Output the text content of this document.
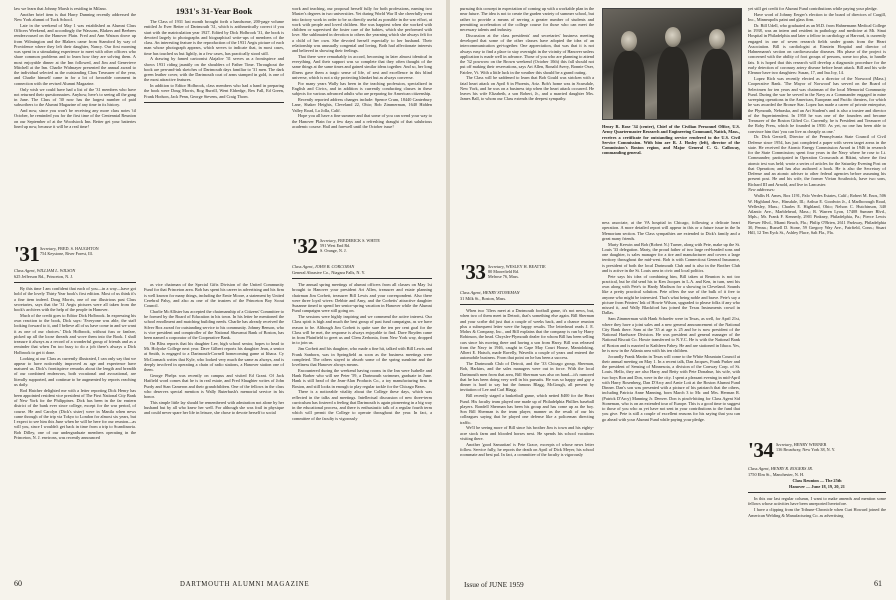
law we learn that Johnny Marsh is residing in Milano.

Another brief item is that Harry Dunning recently addressed the New York alumni of Tuck School.

Late in the weekend of May 1 was established as Alumni Class Officers Weekend, and accordingly the Wassons, Blakers and Beebees rendezvoused on the Hanover Plain. Fred and Ann Watson drove up from Wilmington and the Blakers came from Stamford by way of Providence where they left their daughter, Nancy. Our first morning was spent in a stimulating experience to meet with other officers who share common problems and to learn how they are solving them. A most enjoyable dinner at the Inn followed, and Jim and Genevieve Mitchell at the Inn. Charlie Widmayer presented the annual award to the individual selected as the outstanding Class Treasurer of the year, and Charlie himself came in for a lot of favorable comment in connection with the revised Alumni Magazine.

Only wish we could have had a list of the '31 members who have not returned their questionnaires. Anyhow, here's to seeing all the gang in June. The Class of '30 now has the largest number of paid subscribers to the Alumni Magazine of any time in its history.

And now, since you won't be receiving any more class notes 'til October, be reminded you for the first time of the Centennial Reunion on our September of at the Woodstock Inn. Better get your batteries lined up now, because it will be a real time!

'31 Secretary, FRED. S. HAUGHTON
754 Keystone, River Forest, Ill.

Class Agent, WILLIAM L. WILSON

625 Jefferson Rd., Princeton, N. J.

By this time I am confident that each of you—in a way—have got hold of the lovely Thirty Year book's first edition. Most of us think it's a fine item indeed. Doug Morris, one of our illustrious past Class secretaries, says that the '31 Aegis pictures were all taken from the book's archives with the help of the people in Hanover.

Much of the credit goes to Editor Dick Holbrook. In expressing his own reaction to the book, Dick says: 'Everyone was able, the staff looking forward to it, and I believe all of us have come in and we want it as one of our choices.' Dick Holbrook, without fuss or fanfare, picked up all the loose threads and wove them into the Book. I shall treasure it always as a record of a wonderful group of friends and as a reminder that when I'm too busy to do a job there's always a Dick Holbrook to get it done.

Looking at our Class as currently illustrated, I can only say that we appear to have noticeably improved as age and experience have matured us. Dick's frontispiece remarks about the length and breadth of our combined endeavors, both vocational and avocational, are literally supported, and continue to be augmented by reports reaching us daily.

Rod Hatcher delighted me with a letter reporting Dick Henry has been appointed resident vice president of The First National City Bank of New York for the Philippines. Dick has been in the far eastern district of the bank ever since college, except for the war period, of course. He and Carolyn (Dick's sister) were in Manila when news came through of the trip via Tokyo to London for almost six years, but I expect to see him this June when he will be here for our reunion—as will you, since I wouldn't get back in time from a trip to Scandinavia. Bob Dilley, one of our undergraduate members operating in the Princeton, N. J. environs, was recently announced

1931's 31-Year Book

The Class of 1931 last month brought forth a handsome, 200-page volume entitled Jo Ever Better of Dartmouth '31, which is arithmetically correct if you start with the matriculation year 1927. Edited by Dick Holbrook '31, the book is devoted largely to photographs and biographical write-ups of members of the class. An interesting feature is the reproduction of the 1931 Aegis picture of each man whose photograph appears, which serves to indicate that, in most cases, time has touched us but lightly, in a few cases, has practically stood still.

A drawing by famed cartoonist Alajalov '31 serves as a frontispiece and shows 1931 riding jauntily on the shoulders of Father Time. Throughout the book are pen-and-ink sketches of Dartmouth days familiar to '31 men. The dark green leather cover, with the Dartmouth coat of arms stamped in gold, is one of the most attractive features.

In addition to Editor Holbrook, class members who had a hand in preparing the book were Doug Morris, Rog Burrill, Went Eldredge, Rex Fall, Ed Green, Frank Hodson, Jack Penn, George Stevens, and Craig Thorn.

as vice chairman of the Special Gifts Division of the United Community Fund for that Princeton area. Bob has spent his career in advertising and his firm is well known for many things, including the Ernie Moore, a statement by United Cerebral Palsy, and also as one of the trustees of the Princeton Boy Scout Council.

Charlie McAllister has accepted the chairmanship of a Citizens' Committee to be formed by the Board of Education in his town. In his letter he mentioned the school enrollment and matching building needs. Charlie has already received the Silver Box award for outstanding service to his community. Johnny Benson, who is vice president and comptroller of the National Shawmut Bank of Boston, has been named a corporator of the Cooperative Bank.

On Bliss reports that his daughter Lee, high school senior, hopes to head to Mt. Holyoke College next year. Dave Gilbert reports his daughter Jean, a senior at Smith, is engaged to a Dartmouth-Cornell homecoming game at Ithaca. Cy McCormack writes that Kyle, who looked very much the same as always, and is deeply involved in operating a chain of radio stations, a Hanover station one of them.

George Phelps was recently on campus and visited Ed Grant. Of Jack Hatfield word comes that he is in real estate, and Fred Slaughter writes of John Purdy and Stan Cameron and their grandchildren. One of the fellows in the class who deserves special mention is Wally Ruterbush's memorial service in his honor.

This simple little lay should be remembered with admiration not alone by her husband but by all who knew her well. For although she was frail in physique and could never spare her life in leisure, she chose to devote herself to social

work and teaching, our proposal herself fully for both professions, earning two Master's degrees in two universities. Yet during World War II she cheerfully went into factory work in order to be as directly useful as possible in the war effort, at work with people and loved children. She was happiest when she worked with children or supervised the foster care of the babies, which she performed with love. She sublimated in devotion to others the yearning which she always felt for a child of her own. She devoted herself especially to her husband. Their relationship was unusually congenial and loving. Both had affectionate interests and believed in showing their feelings.

That there were remarkably in accord, becoming in later almost identical in everything. And their support was so complete that they often thought of the same things at the same times and gained similar ideas together. And so, her long illness gave them a tragic sense of life, of zest and excellence in this blind universe, which is not a sky protecting blanket but as always converse.

For many years Wally has been in the teaching profession, specialized in English and Civics, and in addition is currently conducting classes in these subjects for various advanced adults who are preparing for American citizenship.

Recently reported address changes include: Spence Crum, 18440 Canterbury Lane, Shaker Heights, Cleveland 22, Ohio; Bob Zimmerman, 1640 Hidden Valley Road, La Jolla, Calif.

Hope you all have a fine summer and that some of you can wend your way to the Hanover Plain for a few days and a refreshing draught of that salubrious academic course. Hail and farewell until the October issue!

'32 Secretary, FREDERICK S. WHITE
591 West End Rd.
S. Orange, N. J.

Class Agent, JOHN B. CORCORAN

General Abrasive Co., Niagara Falls, N. Y.

The annual spring meetings of alumni officers from all classes on May 1st brought to Hanover your president Art Allen, treasurer and estate planning chairman Jim Corbett, treasurer Bill Lewis and your correspondent. Also there were three loyal wives: Debbie and Amy, and the Corbetts' attractive daughter Suzanne timed to spend her senior-spring vacation in Hanover while the Alumni Fund campaigns were still going on.

The sessions were highly inspiring and we commend the active interest. Our Class spirit is high and much the best group of past fund campaigns, as we have reason to be. Although Jim Corbett is quite sure the ten per cent goal for the Class will be met, the response is always enjoyable to find. Dave Boyden came in from Plainfield to greet us and Clem Zerbonia, from New York way, dropped in to join us.

Jim Corbett and his daughter, who made a fine hit, talked with Bill Lewis and Frank Sanborn, was in Springfield as soon as the business meetings were completed. The others stayed to absorb some of the spring sunshine and the loveliness that Hanover always means.

Encountered during the weekend having rooms in the Inn were Isabelle and Hank Barber who will see Peter '59, a Dartmouth swimmer, graduate in June. Hank is still head of the Jean-Alan Products Co., a toy manufacturing firm in Boston, and still looks in enough to play regular tackle for the Chicago Bears.

There is a noticeable vitality about the College these days, which was reflected in the talks and meetings. Intellectual discussion of new three-term curriculum has fostered a feeling that Dartmouth is again pioneering in a big way in the educational process, and there is enthusiastic talk of a regular fourth term which will permit the College to operate throughout the year. In fact, a committee of the faculty is vigorously

60	DARTMOUTH ALUMNI MAGAZINE

pursuing this concept in expectation of coming up with a workable plan in the near future. The idea is not to create the garden variety of summer school, but rather to provide a means of serving a greater number of students and permitting acceleration of the college course for those who can meet the necessary talents and industry.

Discussion at the class presidents' and secretaries' business meeting developed that some of the other classes have adopted the idea of an intercommunication get-together. One appreciation, that was that it is not always easy to find a place to stay overnight in the vicinity of Hanover unless application is made well in advance. Those of you who are planning to attend the '32 powwow on the Brown weekend (October 10th) this fall should not put off making their reservations, says Art Allen, Ronald Avery, Bonnie Oxer, Fairlee, Vt. With a little luck in the weather this should be a grand outing.

The Class will be saddened to learn that Bob Gould was stricken with a fatal heart attack on April 6 in Phoenix, Ariz. Bob's home was in Scarsdale, New York, and he was on a business trip when the heart attack occurred. He leaves his wife Elizabeth, a son Robert, Jr., and a married daughter Mrs. James Ball, to whom our Class extends the deepest sympathy.

Henry R. Rose '34 (center), Chief of the Civilian Personnel Office, U.S. Army Quartermaster Research and Engineering Command, Natick, Mass., receives a certificate for outstanding service rendered to the U.S. Civil Service Commission. With him are R. J. Hosley (left), director of the Commission's Boston region, and Major General C. G. Calloway, commanding general.

'33 Secretary, WESLEY H. BEATTIE
80 Moorefield Rd.
Melrose 76, Mass.

Class Agent, HENRY STONEMAN

31 Milk St., Boston, Mass.

When two '33ers meet at a Dartmouth football game, it's not news, but, when two of them meet in Detroit, that's something else again. Bill Sherman and your scribe did just that a couple of weeks back, and a chance reunion plus a subsequent letter were the happy results. The letterhead reads J. E. Mohrs & Company, Inc., and Bill explains that the company is run by Harry Robinson, the head. Chrysler-Plymouth dealer for whom Bill has been selling cars since his moving there and having a son from Harry. Bill was released from the Navy in 1946, caught in Cape May Court House, Mantoloking, Albert E. Hatsch, made Ravelly, Wavedis a couple of years and entered the automobile business. From that point on he has been a success.

The Dartmouth Club of Detroit, and the '33 Chicago group, Sherman, Bob, Harkins, and the sales managers were out in force. With the local Dartmouth men from that area, Bill Sherman was also on hand—it's rumored that he has been doing very well in his pursuits. He was so happy and gay a dinner is hard to say but the famous Blagg, McGough, all present by invitation of Lee and Carl Blagg.

Bill recently staged a basketball game, which netted $400 for the Heart Fund. His faculty team played one made up of Philadelphia Phillies baseball players. Rondell Sherman has been his group and has come up as the boy. Son Bill Sherman is the team player, manner as the result of our his colleagues saying that he played one defense like a policeman directing traffic.

We'll be seeing more of Bill since his brother Jim is town and his eighty-acre stock farm and blooded horses next. He spends his school vacations visiting there.

Another 'good Samaritan' is Pete Grace, excerpts of whose news letter follow. Service fully, he reports the death on April of Dick Meyer, his school roommate and best pal. In fact, a committee of the faculty is vigorously

ness associate, at the VA hospital in Chicago, following a delicate heart operation. A more detailed report will appear in this or a future issue in the In Memoriam section. The Class sympathies are extended to Dick's family and a great many friends.

Marty Kerwin and Bob (Robert N.) Turner, along with Pete, make up the St. Louis '33 delegation. Marty, the proud father of two large red-headed sons and one daughter, is sales manager for a tire and manufacturer and covers a large territory throughout the mid-west. Bob is with Connecticut General Insurance, is president of both the local Dartmouth Club and is also in the Brother Club and is active in the St. Louis area in civic and local politics.

Pete says his idea of combining him, Bill taken at Reunion is not too practical, but he did send his to Ken Jacques in L.A. and Ken, in turn, sent his own along with Pete's to Hardy Madison for a showing in Cleveland. Sounds like a pretty practical solution. Pete offers the use of the bulk of it free to anyone who might be interested. That's what being noble and brave. Pete's say a picture from Printers' Ink of Howie Wilson, upgraded to please folks if any who missed it, and Wally Blackford has joined the Texas Instruments crowd in Dallas.

Sam Zimmerman with Hank Schaefer were in Texas, as well, for April 21st, where they have a joint sales and a new general announcement of the National City Bank there. Sam at the '35 at age is 25 and he is now president of the National Hardware Division. He was president and general manager of the National Biscuit Co. Howie transferred to N.Y.C. He is with the National Bank of Boston and is married to Kathleen Fahey. He and are stationed in Ithaca. Yes, he is now in the Atlanta area with his ten children.

Jocundly Frank Martin in Texas will come to the White Mountain Council at their annual meeting on May 1. In a recent talk, Dan Jacques, Frank Parker and the president of Sensing of Minnesota, a division of the Conway Corp. of St. Louis. Hello, they are also Harry and Betty with Pete Donahue, his wife, with two boys Ron and Don, were in the city. I spent a pleasant evening in mid-April with Harry Rosenberg, Dan D'Arcy and Arnie Lott at the Boston Alumni Fund Dinner. Dan's son was presented with a picture of his patriarch that the others, including Patricia Anne Manning, born March 3 to Mr. and Mrs. Herman R. (Patrick D'Arcy) Manning Jr. Denver. Don is pinch-hitting for Class Agent Sid Stoneman, who is on an extended tour of Europe. This is a good time to suggest to those of you who as yet have not sent in your contributions to the fund that you give. Pete is still a couple of excellent reasons for his saying that you can go ahead with your Alumni Fund while paying your pledge.

yet still get credit for Alumni Fund contributions while paying your pledge.

Have word of Johnny Eerger's election to the board of directors of Cargill, Inc., Minneapolis paint and glass firm.

Dr. Bill Udell, who graduated as an M.D. from Hahnemann Medical College in 1938, was an intern and resident in pathology and medicine at Mt. Sinai Hospital in Philadelphia and later a fellow in cardiology at Harvard, is currently engaged in one of seven research fields under grants from the Heart Association. Bill is cardiologist at Einstein Hospital and director of Hahnemann's section on cardiovascular diseases. His phase of the project is concerned with the ability of foot groups of persons, some too plus, to handle fats. It is hoped that this research will develop a diagnostic procedure for the early detection of coronary artery disease before heart attack. Bill and his wife Eleanor have two daughters: Susan, 17, and Ina Joy, 14.

Lopez Rich was recently elected as a director of the Norwood (Mass.) Cooperative Bank. 'The Mayor of Norwood' has served on the Board of Selectmen for ten years and was chairman of the local Memorial Community Fund. During the war he served in the Navy as a Commander engaged in mine sweeping operations in the American, European and Pacific theaters, for which he was awarded the Bronze Star. Lopez has made a career of private enterprise, the Plymouth, Nebraska, and an Art Student's and is also a trustee and director of the Superintendent. In 1950 he was one of the founders and became Treasurer of the Boston Gifted Co. Currently, he is President and Treasurer of the Roby Press, which he founded in 1950. As yet, no one has been able to convince him that 'you can live as cheaply as one.'

Dr. Dick Gerstell, Director of the Pennsylvania State Council of Civil Defense since 1954, has just completed a paper with seven target areas in the state. He received the Atomic Energy Commission Award in 1946 in research for the State Commission; spent four years in the Navy where he rose to Lt. Commander; participated in Operation Crossroads at Bikini, where the first atomic test was held; wrote a series of articles for the Saturday Evening Post on that Operation; and has also authored a book. He is also the Secretary of Defense and an atomic adviser to other federal agencies before assuming his present post. He and his wife, the former Vivian Southwick, have two sons, Richard III and Arnold, and live in Lancaster.

New addresses:

Wallis H. Ames, Box 1191, Palo Verdes Estates, Calif.; Robert M. Enos, 506 W. Highland Ave., Hinsdale, Ill.; Arthur E. Goodwin Jr., 4 Marlborough Road, Wellesley, Mass.; Charles E. Highland, Ohio; Nelson C. Hutchinson, 340 Atlantic Ave., Marblehead, Mass.; R. Warren Lyon, 17408 Sumner Blvd., Mpls.; Mr. Frank F. Kennedy, 2901 Pinkney, Philadelphia, Pa.; Pierce Lewis Brewer Blvd., Miami Beach, Fla.; Philip O'Brien, 2611 Parkway, Philadelphia 30, Penna.; Russell D. Stone, 59 Gregory Way Ave., Fairfield, Conn.; Stuart Hill, 12 Ten Eyck St., Ashley Place, Salt Fla., Fla.

'34 Secretary, HENRY WERNER
136 Broadway, New York 38, N. Y.

Class Agent, HENRY R. ROGERS JR.

1750 Elm St., Manchester, N. H.

Class Reunion — The 25th

Hanover — June 18, 19, 20, 21

In this our last regular column, I want to make amends and mention some fellows whose activities have been unreported heretofore.

I have a clipping from the Tribune-Chronicle when Curt Howard joined the American Welding & Manufacturing Co. as advertising

Issue of JUNE 1959	61
